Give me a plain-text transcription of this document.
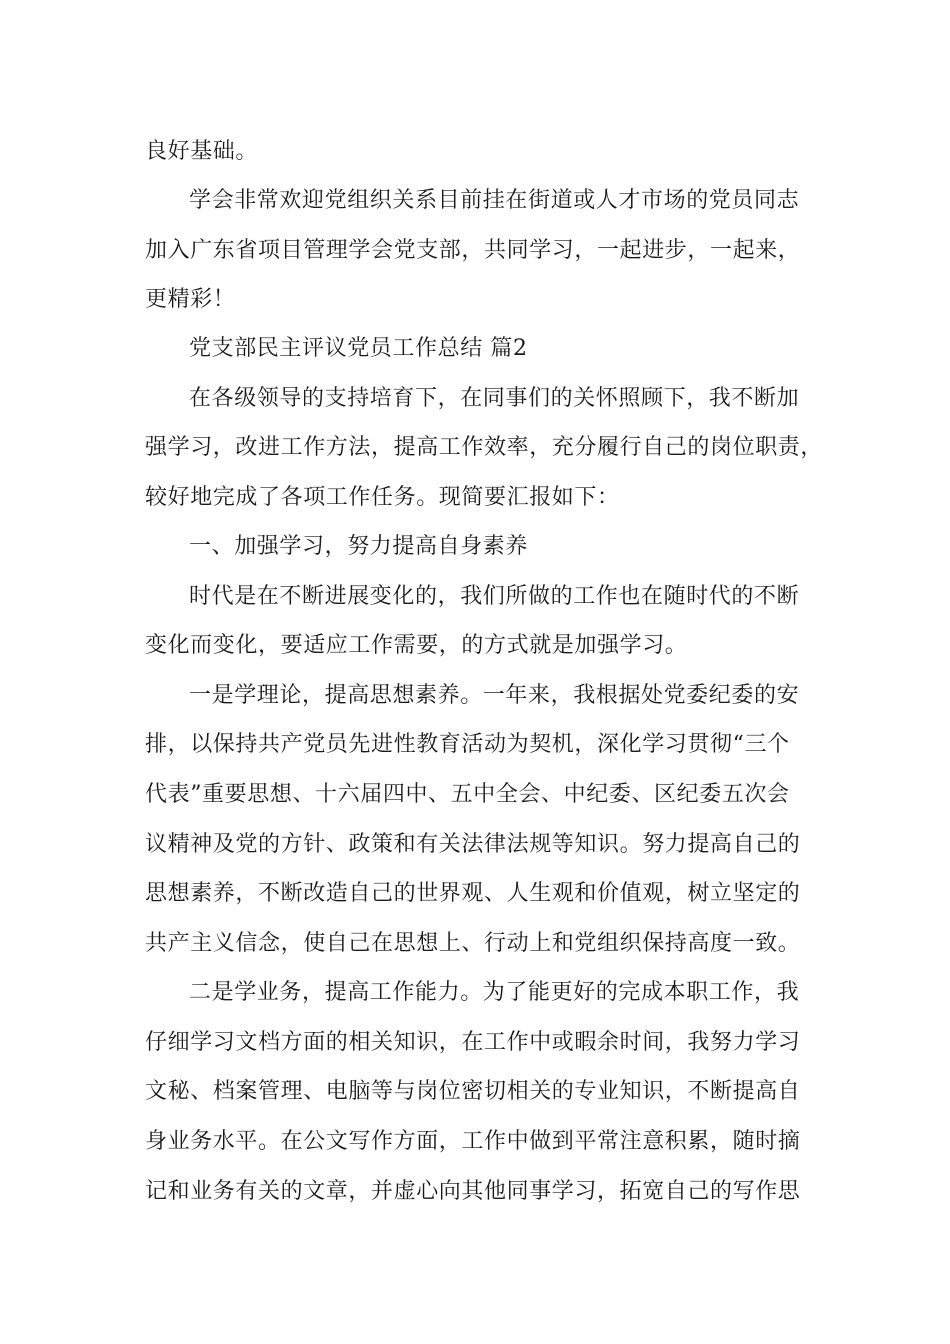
良好基础。
学会非常欢迎党组织关系目前挂在街道或人才市场的党员同志
加入广东省项目管理学会党支部，共同学习，一起进步，一起来，
更精彩！
党支部民主评议党员工作总结 篇2
在各级领导的支持培育下，在同事们的关怀照顾下，我不断加
强学习，改进工作方法，提高工作效率，充分履行自己的岗位职责，
较好地完成了各项工作任务。现简要汇报如下：
一、加强学习，努力提高自身素养
时代是在不断进展变化的，我们所做的工作也在随时代的不断
变化而变化，要适应工作需要，的方式就是加强学习。
一是学理论，提高思想素养。一年来，我根据处党委纪委的安
排，以保持共产党员先进性教育活动为契机，深化学习贯彻“三个
代表”重要思想、十六届四中、五中全会、中纪委、区纪委五次会
议精神及党的方针、政策和有关法律法规等知识。努力提高自己的
思想素养，不断改造自己的世界观、人生观和价值观，树立坚定的
共产主义信念，使自己在思想上、行动上和党组织保持高度一致。
二是学业务，提高工作能力。为了能更好的完成本职工作，我
仔细学习文档方面的相关知识，在工作中或暇余时间，我努力学习
文秘、档案管理、电脑等与岗位密切相关的专业知识，不断提高自
身业务水平。在公文写作方面，工作中做到平常注意积累，随时摘
记和业务有关的文章，并虚心向其他同事学习，拓宽自己的写作思
